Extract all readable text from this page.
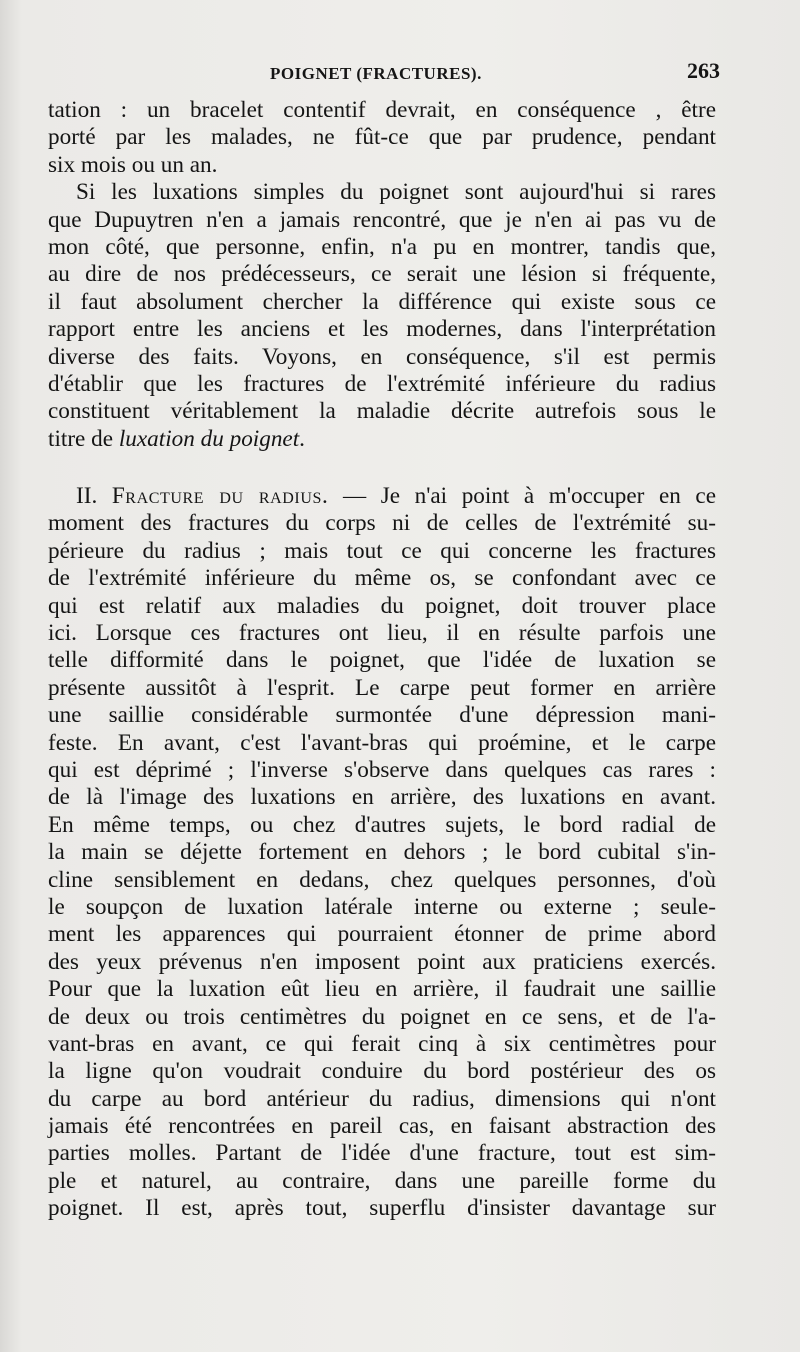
POIGNET (FRACTURES).	263
tation : un bracelet contentif devrait, en conséquence , être
porté par les malades, ne fût-ce que par prudence, pendant
six mois ou un an.
Si les luxations simples du poignet sont aujourd'hui si rares
que Dupuytren n'en a jamais rencontré, que je n'en ai pas vu de
mon côté, que personne, enfin, n'a pu en montrer, tandis que,
au dire de nos prédécesseurs, ce serait une lésion si fréquente,
il faut absolument chercher la différence qui existe sous ce
rapport entre les anciens et les modernes, dans l'interprétation
diverse des faits. Voyons, en conséquence, s'il est permis
d'établir que les fractures de l'extrémité inférieure du radius
constituent véritablement la maladie décrite autrefois sous le
titre de luxation du poignet.
II. Fracture du radius. — Je n'ai point à m'occuper en ce
moment des fractures du corps ni de celles de l'extrémité su-
périeure du radius ; mais tout ce qui concerne les fractures
de l'extrémité inférieure du même os, se confondant avec ce
qui est relatif aux maladies du poignet, doit trouver place
ici. Lorsque ces fractures ont lieu, il en résulte parfois une
telle difformité dans le poignet, que l'idée de luxation se
présente aussitôt à l'esprit. Le carpe peut former en arrière
une saillie considérable surmontée d'une dépression mani-
feste. En avant, c'est l'avant-bras qui proémine, et le carpe
qui est déprimé ; l'inverse s'observe dans quelques cas rares :
de là l'image des luxations en arrière, des luxations en avant.
En même temps, ou chez d'autres sujets, le bord radial de
la main se déjette fortement en dehors ; le bord cubital s'in-
cline sensiblement en dedans, chez quelques personnes, d'où
le soupçon de luxation latérale interne ou externe ; seule-
ment les apparences qui pourraient étonner de prime abord
des yeux prévenus n'en imposent point aux praticiens exercés.
Pour que la luxation eût lieu en arrière, il faudrait une saillie
de deux ou trois centimètres du poignet en ce sens, et de l'a-
vant-bras en avant, ce qui ferait cinq à six centimètres pour
la ligne qu'on voudrait conduire du bord postérieur des os
du carpe au bord antérieur du radius, dimensions qui n'ont
jamais été rencontrées en pareil cas, en faisant abstraction des
parties molles. Partant de l'idée d'une fracture, tout est sim-
ple et naturel, au contraire, dans une pareille forme du
poignet. Il est, après tout, superflu d'insister davantage sur
